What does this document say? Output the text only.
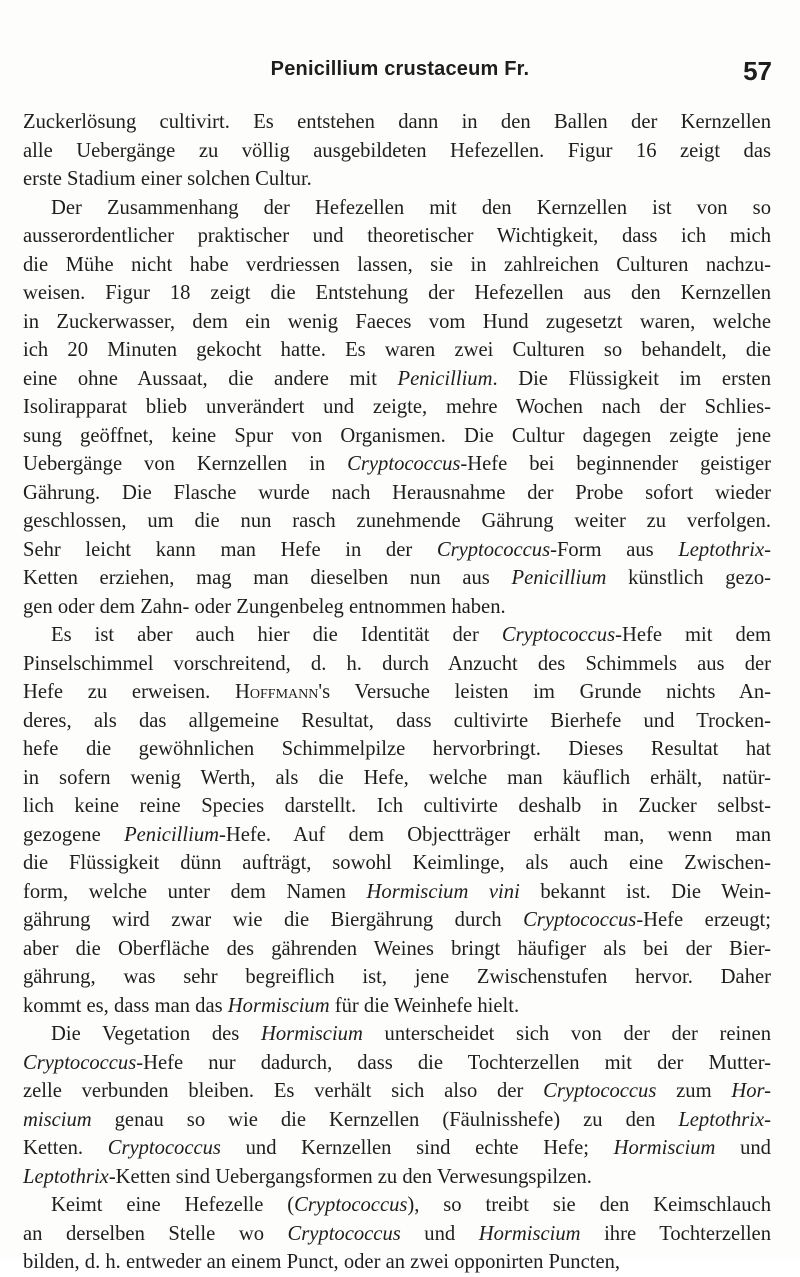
Penicillium crustaceum Fr.	57
Zuckerlösung cultivirt. Es entstehen dann in den Ballen der Kernzellen
alle Uebergänge zu völlig ausgebildeten Hefezellen. Figur 16 zeigt das
erste Stadium einer solchen Cultur.
Der Zusammenhang der Hefezellen mit den Kernzellen ist von so
ausserordentlicher praktischer und theoretischer Wichtigkeit, dass ich mich
die Mühe nicht habe verdriessen lassen, sie in zahlreichen Culturen nachzu-
weisen. Figur 18 zeigt die Entstehung der Hefezellen aus den Kernzellen
in Zuckerwasser, dem ein wenig Faeces vom Hund zugesetzt waren, welche
ich 20 Minuten gekocht hatte. Es waren zwei Culturen so behandelt, die
eine ohne Aussaat, die andere mit Penicillium. Die Flüssigkeit im ersten
Isolirapparat blieb unverändert und zeigte, mehre Wochen nach der Schlies-
sung geöffnet, keine Spur von Organismen. Die Cultur dagegen zeigte jene
Uebergänge von Kernzellen in Cryptococcus-Hefe bei beginnender geistiger
Gährung. Die Flasche wurde nach Herausnahme der Probe sofort wieder
geschlossen, um die nun rasch zunehmende Gährung weiter zu verfolgen.
Sehr leicht kann man Hefe in der Cryptococcus-Form aus Leptothrix-
Ketten erziehen, mag man dieselben nun aus Penicillium künstlich gezo-
gen oder dem Zahn- oder Zungenbeleg entnommen haben.
Es ist aber auch hier die Identität der Cryptococcus-Hefe mit dem
Pinselschimmel vorschreitend, d. h. durch Anzucht des Schimmels aus der
Hefe zu erweisen. Hoffmann's Versuche leisten im Grunde nichts An-
deres, als das allgemeine Resultat, dass cultivirte Bierhefe und Trocken-
hefe die gewöhnlichen Schimmelpilze hervorbringt. Dieses Resultat hat
in sofern wenig Werth, als die Hefe, welche man käuflich erhält, natür-
lich keine reine Species darstellt. Ich cultivirte deshalb in Zucker selbst-
gezogene Penicillium-Hefe. Auf dem Objectträger erhält man, wenn man
die Flüssigkeit dünn aufträgt, sowohl Keimlinge, als auch eine Zwischen-
form, welche unter dem Namen Hormiscium vini bekannt ist. Die Wein-
gährung wird zwar wie die Biergährung durch Cryptococcus-Hefe erzeugt;
aber die Oberfläche des gährenden Weines bringt häufiger als bei der Bier-
gährung, was sehr begreiflich ist, jene Zwischenstufen hervor. Daher
kommt es, dass man das Hormiscium für die Weinhefe hielt.
Die Vegetation des Hormiscium unterscheidet sich von der der reinen
Cryptococcus-Hefe nur dadurch, dass die Tochterzellen mit der Mutter-
zelle verbunden bleiben. Es verhält sich also der Cryptococcus zum Hor-
miscium genau so wie die Kernzellen (Fäulnisshefe) zu den Leptothrix-
Ketten. Cryptococcus und Kernzellen sind echte Hefe; Hormiscium und
Leptothrix-Ketten sind Uebergangsformen zu den Verwesungspilzen.
Keimt eine Hefezelle (Cryptococcus), so treibt sie den Keimschlauch
an derselben Stelle wo Cryptococcus und Hormiscium ihre Tochterzellen
bilden, d. h. entweder an einem Punct, oder an zwei opponirten Puncten,
